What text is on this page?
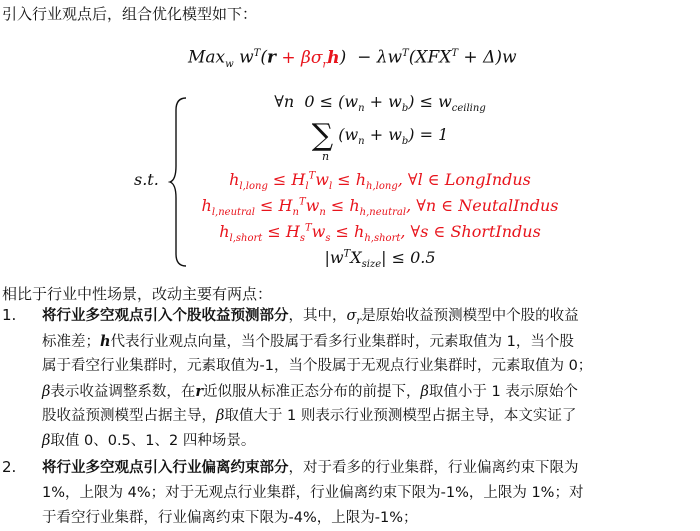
引入行业观点后，组合优化模型如下：
Max$_w$ $w^T(r + \beta\sigma_rh) - \lambda w^T(XFX^T + \Delta)w$
s.t.
∀n  $0 \le (w_n + w_b) \le w_{ceiling}$
∑ $(w_n + w_b) = 1$
n
$h_{l,long} \le H_l^Tw_l \le h_{h,long}$, ∀l ∈ LongIndus
$h_{l,neutral} \le H_n^Tw_n \le h_{h,neutral}$, ∀n ∈ NeutalIndus
$h_{l,short} \le H_s^Tw_s \le h_{h,short}$, ∀s ∈ ShortIndus
$|w^TX_{size}| \le 0.5$
相比于行业中性场景，改动主要有两点：
1. 将行业多空观点引入个股收益预测部分，其中，$\sigma_r$是原始收益预测模型中个股的收益
标准差；h代表行业观点向量，当个股属于看多行业集群时，元素取值为 1，当个股
属于看空行业集群时，元素取值为-1，当个股属于无观点行业集群时，元素取值为 0；
β表示收益调整系数，在r近似服从标准正态分布的前提下，β取值小于 1 表示原始个
股收益预测模型占据主导，β取值大于 1 则表示行业预测模型占据主导，本文实证了
β取值 0、0.5、1、2 四种场景。
2. 将行业多空观点引入行业偏离约束部分，对于看多的行业集群，行业偏离约束下限为
1%，上限为 4%；对于无观点行业集群，行业偏离约束下限为-1%，上限为 1%；对
于看空行业集群，行业偏离约束下限为-4%，上限为-1%；
